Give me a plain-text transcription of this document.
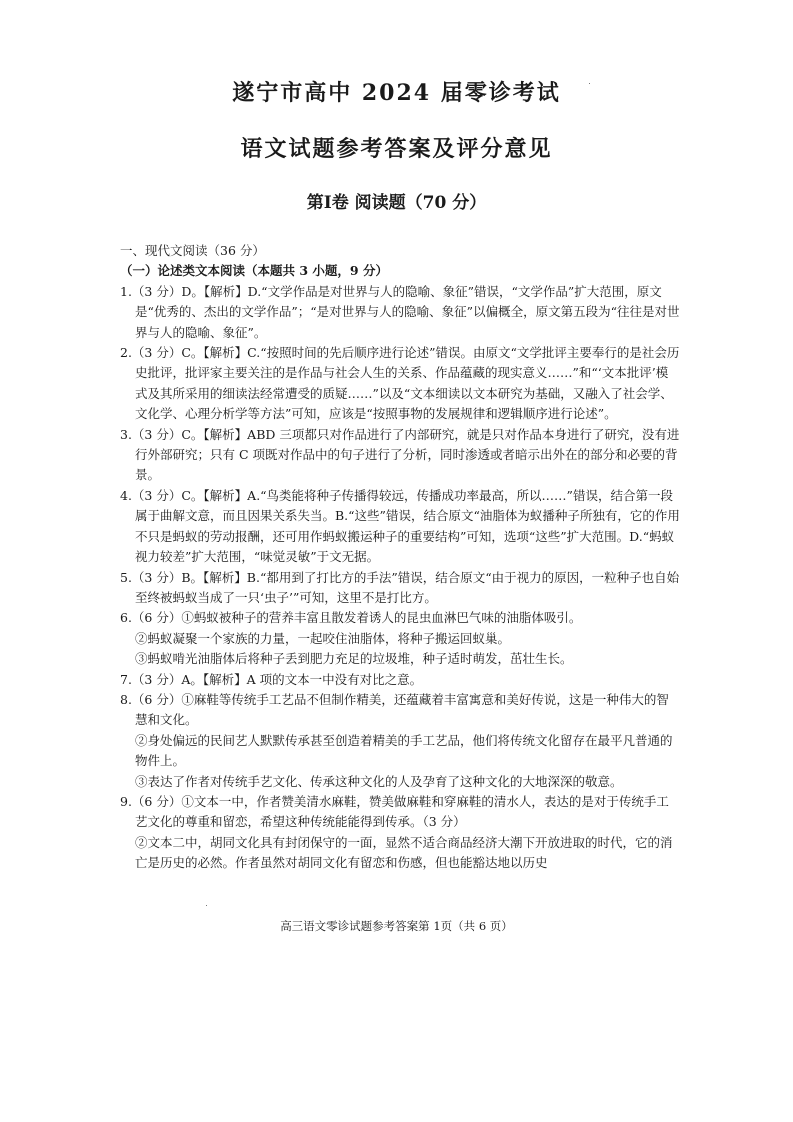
遂宁市高中 2024 届零诊考试
语文试题参考答案及评分意见
第Ⅰ卷 阅读题（70 分）

一、现代文阅读（36 分）

（一）论述类文本阅读（本题共 3 小题，9 分）

1.（3 分）D。【解析】D.“文学作品是对世界与人的隐喻、象征”错误，“文学作品”扩大范围，原文是“优秀的、杰出的文学作品”；“是对世界与人的隐喻、象征”以偏概全，原文第五段为“往往是对世界与人的隐喻、象征”。

2.（3 分）C。【解析】C.“按照时间的先后顺序进行论述”错误。由原文“文学批评主要奉行的是社会历史批评，批评家主要关注的是作品与社会人生的关系、作品蕴藏的现实意义……”和“‘文本批评’模式及其所采用的细读法经常遭受的质疑……”以及“文本细读以文本研究为基础，又融入了社会学、文化学、心理分析学等方法”可知，应该是“按照事物的发展规律和逻辑顺序进行论述”。

3.（3 分）C。【解析】ABD 三项都只对作品进行了内部研究，就是只对作品本身进行了研究，没有进行外部研究；只有 C 项既对作品中的句子进行了分析，同时渗透或者暗示出外在的部分和必要的背景。

4.（3 分）C。【解析】A.“鸟类能将种子传播得较远，传播成功率最高，所以……”错误，结合第一段属于曲解文意，而且因果关系失当。B.“这些”错误，结合原文“油脂体为蚁播种子所独有，它的作用不只是蚂蚁的劳动报酬，还可用作蚂蚁搬运种子的重要结构”可知，选项“这些”扩大范围。D.“蚂蚁视力较差”扩大范围，“味觉灵敏”于文无据。

5.（3 分）B。【解析】B.“都用到了打比方的手法”错误，结合原文“由于视力的原因，一粒种子也自始至终被蚂蚁当成了一只‘虫子’”可知，这里不是打比方。

6.（6 分）①蚂蚁被种子的营养丰富且散发着诱人的昆虫血淋巴气味的油脂体吸引。

②蚂蚁凝聚一个家族的力量，一起咬住油脂体，将种子搬运回蚁巢。

③蚂蚁啃光油脂体后将种子丢到肥力充足的垃圾堆，种子适时萌发，茁壮生长。

7.（3 分）A。【解析】A 项的文本一中没有对比之意。

8.（6 分）①麻鞋等传统手工艺品不但制作精美，还蕴藏着丰富寓意和美好传说，这是一种伟大的智慧和文化。

②身处偏远的民间艺人默默传承甚至创造着精美的手工艺品，他们将传统文化留存在最平凡普通的物件上。

③表达了作者对传统手艺文化、传承这种文化的人及孕育了这种文化的大地深深的敬意。

9.（6 分）①文本一中，作者赞美清水麻鞋，赞美做麻鞋和穿麻鞋的清水人，表达的是对于传统手工艺文化的尊重和留恋，希望这种传统能能得到传承。（3 分）

②文本二中，胡同文化具有封闭保守的一面，显然不适合商品经济大潮下开放进取的时代，它的消亡是历史的必然。作者虽然对胡同文化有留恋和伤感，但也能豁达地以历史

高三语文零诊试题参考答案第 1页（共 6 页）
